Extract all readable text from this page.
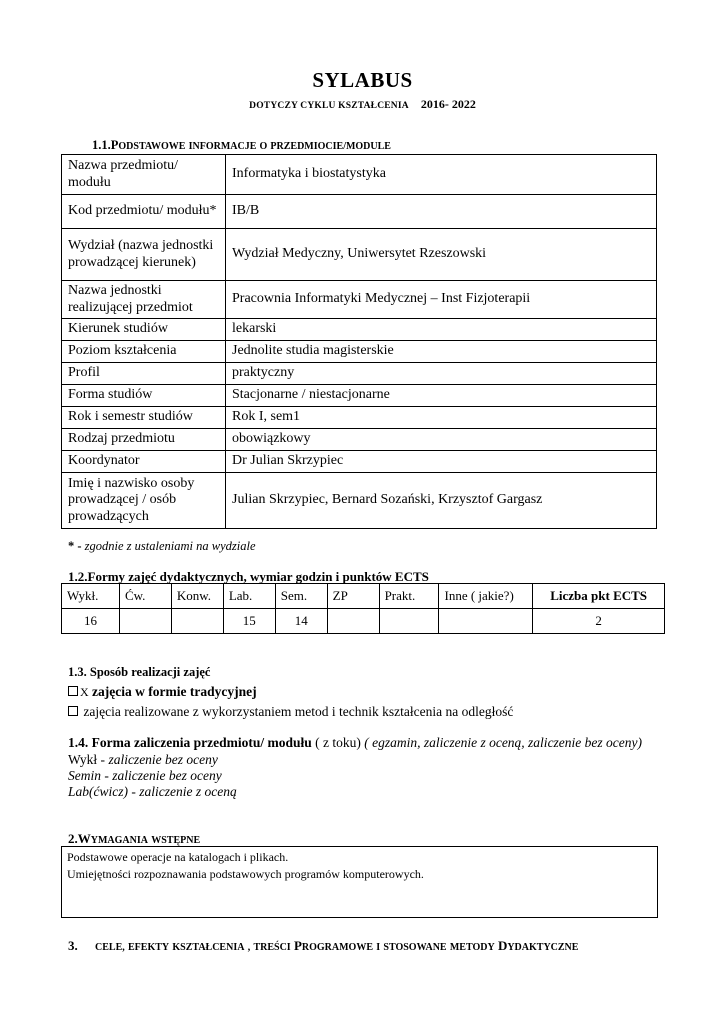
SYLABUS
DOTYCZY CYKLU KSZTAŁCENIA 2016- 2022
1.1.PODSTAWOWE INFORMACJE O PRZEDMIOCIE/MODULE
Nazwa przedmiotu/ modułu	Informatyka i biostatystyka
Kod przedmiotu/ modułu*	IB/B
Wydział (nazwa jednostki prowadzącej kierunek)	Wydział Medyczny, Uniwersytet Rzeszowski
Nazwa jednostki realizującej przedmiot	Pracownia Informatyki Medycznej – Inst Fizjoterapii
Kierunek studiów	lekarski
Poziom kształcenia	Jednolite studia magisterskie
Profil	praktyczny
Forma studiów	Stacjonarne / niestacjonarne
Rok i semestr studiów	Rok I, sem1
Rodzaj przedmiotu	obowiązkowy
Koordynator	Dr Julian Skrzypiec
Imię i nazwisko osoby prowadzącej / osób prowadzących	Julian Skrzypiec, Bernard Sozański, Krzysztof Gargasz
* - zgodnie z ustaleniami na wydziale
1.2.Formy zajęć dydaktycznych, wymiar godzin i punktów ECTS
Wykł.	Ćw.	Konw.	Lab.	Sem.	ZP	Prakt.	Inne ( jakie?)	Liczba pkt ECTS
16			15	14				2
1.3. Sposób realizacji zajęć
X zajęcia w formie tradycyjnej
zajęcia realizowane z wykorzystaniem metod i technik kształcenia na odległość
1.4. Forma zaliczenia przedmiotu/ modułu ( z toku) ( egzamin, zaliczenie z oceną, zaliczenie bez oceny)
Wykł - zaliczenie bez oceny
Semin - zaliczenie bez oceny
Lab(ćwicz) - zaliczenie z oceną
2.WYMAGANIA WSTĘPNE
Podstawowe operacje na katalogach i plikach.
Umiejętności rozpoznawania podstawowych programów komputerowych.
3. CELE, EFEKTY KSZTAŁCENIA , TREŚCI PROGRAMOWE I STOSOWANE METODY DYDAKTYCZNE
